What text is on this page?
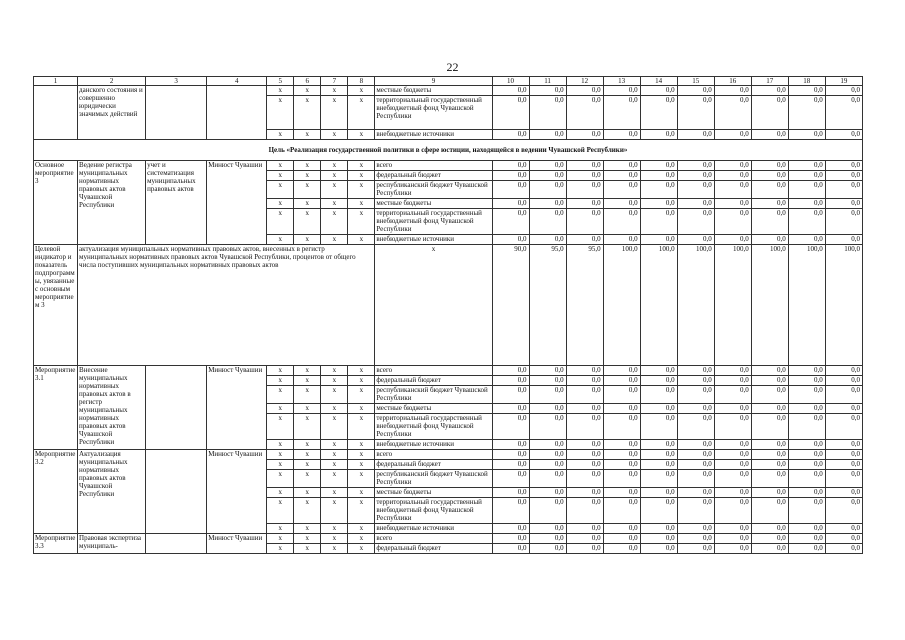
22
1	2	3	4	5	6	7	8	9	10	11	12	13	14	15	16	17	18	19
	данского состояния и совершенно юридически значимых действий			x	x	x	x	местные бюджеты	0,0	0,0	0,0	0,0	0,0	0,0	0,0	0,0	0,0	0,0
				x	x	x	x	территориальный государственный внебюджетный фонд Чувашской Республики	0,0	0,0	0,0	0,0	0,0	0,0	0,0	0,0	0,0	0,0
				x	x	x	x	внебюджетные источники	0,0	0,0	0,0	0,0	0,0	0,0	0,0	0,0	0,0	0,0
Цель «Реализация государственной политики в сфере юстиции, находящейся в ведении Чувашской Республики»																		
Основное мероприятие 3	Ведение регистра муниципальных нормативных правовых актов Чувашской Республики	учет и систематизация муниципальных правовых актов	Минюст Чувашии	x	x	x	x	всего	0,0	0,0	0,0	0,0	0,0	0,0	0,0	0,0	0,0	0,0
				x	x	x	x	федеральный бюджет	0,0	0,0	0,0	0,0	0,0	0,0	0,0	0,0	0,0	0,0
				x	x	x	x	республиканский бюджет Чувашской Республики	0,0	0,0	0,0	0,0	0,0	0,0	0,0	0,0	0,0	0,0
				x	x	x	x	местные бюджеты	0,0	0,0	0,0	0,0	0,0	0,0	0,0	0,0	0,0	0,0
				x	x	x	x	территориальный государственный внебюджетный фонд Чувашской Республики	0,0	0,0	0,0	0,0	0,0	0,0	0,0	0,0	0,0	0,0
				x	x	x	x	внебюджетные источники	0,0	0,0	0,0	0,0	0,0	0,0	0,0	0,0	0,0	0,0
Целевой индикатор и показатель подпрограммы, увязанные с основным мероприятием 3	актуализация муниципальных нормативных правовых актов, внесенных в регистр муниципальных нормативных правовых актов Чувашской Республики, процентов от общего числа поступивших муниципальных нормативных правовых актов							x	90,0	95,0	95,0	100,0	100,0	100,0	100,0	100,0	100,0	100,0
Мероприятие 3.1	Внесение муниципальных нормативных правовых актов в регистр муниципальных нормативных правовых актов Чувашской Республики		Минюст Чувашии	x	x	x	x	всего	0,0	0,0	0,0	0,0	0,0	0,0	0,0	0,0	0,0	0,0
				x	x	x	x	федеральный бюджет	0,0	0,0	0,0	0,0	0,0	0,0	0,0	0,0	0,0	0,0
				x	x	x	x	республиканский бюджет Чувашской Республики	0,0	0,0	0,0	0,0	0,0	0,0	0,0	0,0	0,0	0,0
				x	x	x	x	местные бюджеты	0,0	0,0	0,0	0,0	0,0	0,0	0,0	0,0	0,0	0,0
				x	x	x	x	территориальный государственный внебюджетный фонд Чувашской Республики	0,0	0,0	0,0	0,0	0,0	0,0	0,0	0,0	0,0	0,0
				x	x	x	x	внебюджетные источники	0,0	0,0	0,0	0,0	0,0	0,0	0,0	0,0	0,0	0,0
Мероприятие 3.2	Актуализация муниципальных нормативных правовых актов Чувашской Республики		Минюст Чувашии	x	x	x	x	всего	0,0	0,0	0,0	0,0	0,0	0,0	0,0	0,0	0,0	0,0
				x	x	x	x	федеральный бюджет	0,0	0,0	0,0	0,0	0,0	0,0	0,0	0,0	0,0	0,0
				x	x	x	x	республиканский бюджет Чувашской Республики	0,0	0,0	0,0	0,0	0,0	0,0	0,0	0,0	0,0	0,0
				x	x	x	x	местные бюджеты	0,0	0,0	0,0	0,0	0,0	0,0	0,0	0,0	0,0	0,0
				x	x	x	x	территориальный государственный внебюджетный фонд Чувашской Республики	0,0	0,0	0,0	0,0	0,0	0,0	0,0	0,0	0,0	0,0
				x	x	x	x	внебюджетные источники	0,0	0,0	0,0	0,0	0,0	0,0	0,0	0,0	0,0	0,0
Мероприятие 3.3	Правовая экспертиза муниципаль-		Минюст Чувашии	x	x	x	x	всего	0,0	0,0	0,0	0,0	0,0	0,0	0,0	0,0	0,0	0,0
				x	x	x	x	федеральный бюджет	0,0	0,0	0,0	0,0	0,0	0,0	0,0	0,0	0,0	0,0
